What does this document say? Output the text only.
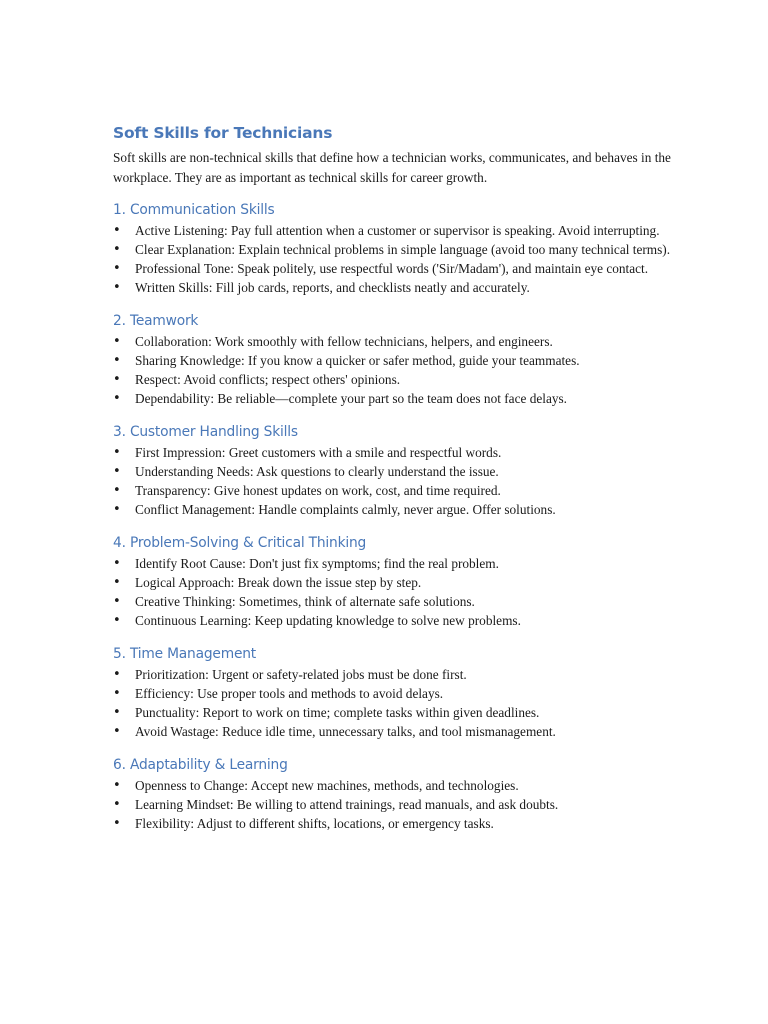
Soft Skills for Technicians

Soft skills are non-technical skills that define how a technician works, communicates, and behaves in the workplace. They are as important as technical skills for career growth.

1. Communication Skills
• Active Listening: Pay full attention when a customer or supervisor is speaking. Avoid interrupting.
• Clear Explanation: Explain technical problems in simple language (avoid too many technical terms).
• Professional Tone: Speak politely, use respectful words ('Sir/Madam'), and maintain eye contact.
• Written Skills: Fill job cards, reports, and checklists neatly and accurately.
2. Teamwork
• Collaboration: Work smoothly with fellow technicians, helpers, and engineers.
• Sharing Knowledge: If you know a quicker or safer method, guide your teammates.
• Respect: Avoid conflicts; respect others' opinions.
• Dependability: Be reliable—complete your part so the team does not face delays.
3. Customer Handling Skills
• First Impression: Greet customers with a smile and respectful words.
• Understanding Needs: Ask questions to clearly understand the issue.
• Transparency: Give honest updates on work, cost, and time required.
• Conflict Management: Handle complaints calmly, never argue. Offer solutions.
4. Problem-Solving & Critical Thinking
• Identify Root Cause: Don't just fix symptoms; find the real problem.
• Logical Approach: Break down the issue step by step.
• Creative Thinking: Sometimes, think of alternate safe solutions.
• Continuous Learning: Keep updating knowledge to solve new problems.
5. Time Management
• Prioritization: Urgent or safety-related jobs must be done first.
• Efficiency: Use proper tools and methods to avoid delays.
• Punctuality: Report to work on time; complete tasks within given deadlines.
• Avoid Wastage: Reduce idle time, unnecessary talks, and tool mismanagement.
6. Adaptability & Learning
• Openness to Change: Accept new machines, methods, and technologies.
• Learning Mindset: Be willing to attend trainings, read manuals, and ask doubts.
• Flexibility: Adjust to different shifts, locations, or emergency tasks.
